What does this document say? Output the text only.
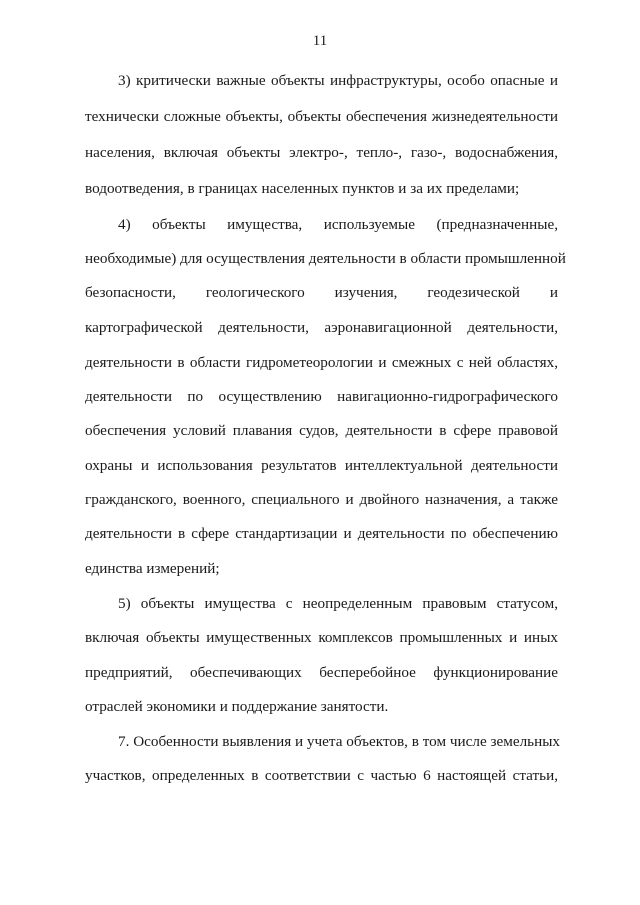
11
3) критически важные объекты инфраструктуры, особо опасные и
технически сложные объекты, объекты обеспечения жизнедеятельности
населения, включая объекты электро-, тепло-, газо-, водоснабжения,
водоотведения, в границах населенных пунктов и за их пределами;
4) объекты имущества, используемые (предназначенные,
необходимые) для осуществления деятельности в области промышленной
безопасности, геологического изучения, геодезической и
картографической деятельности, аэронавигационной деятельности,
деятельности в области гидрометеорологии и смежных с ней областях,
деятельности по осуществлению навигационно-гидрографического
обеспечения условий плавания судов, деятельности в сфере правовой
охраны и использования результатов интеллектуальной деятельности
гражданского, военного, специального и двойного назначения, а также
деятельности в сфере стандартизации и деятельности по обеспечению
единства измерений;
5) объекты имущества с неопределенным правовым статусом,
включая объекты имущественных комплексов промышленных и иных
предприятий, обеспечивающих бесперебойное функционирование
отраслей экономики и поддержание занятости.
7. Особенности выявления и учета объектов, в том числе земельных
участков, определенных в соответствии с частью 6 настоящей статьи,
